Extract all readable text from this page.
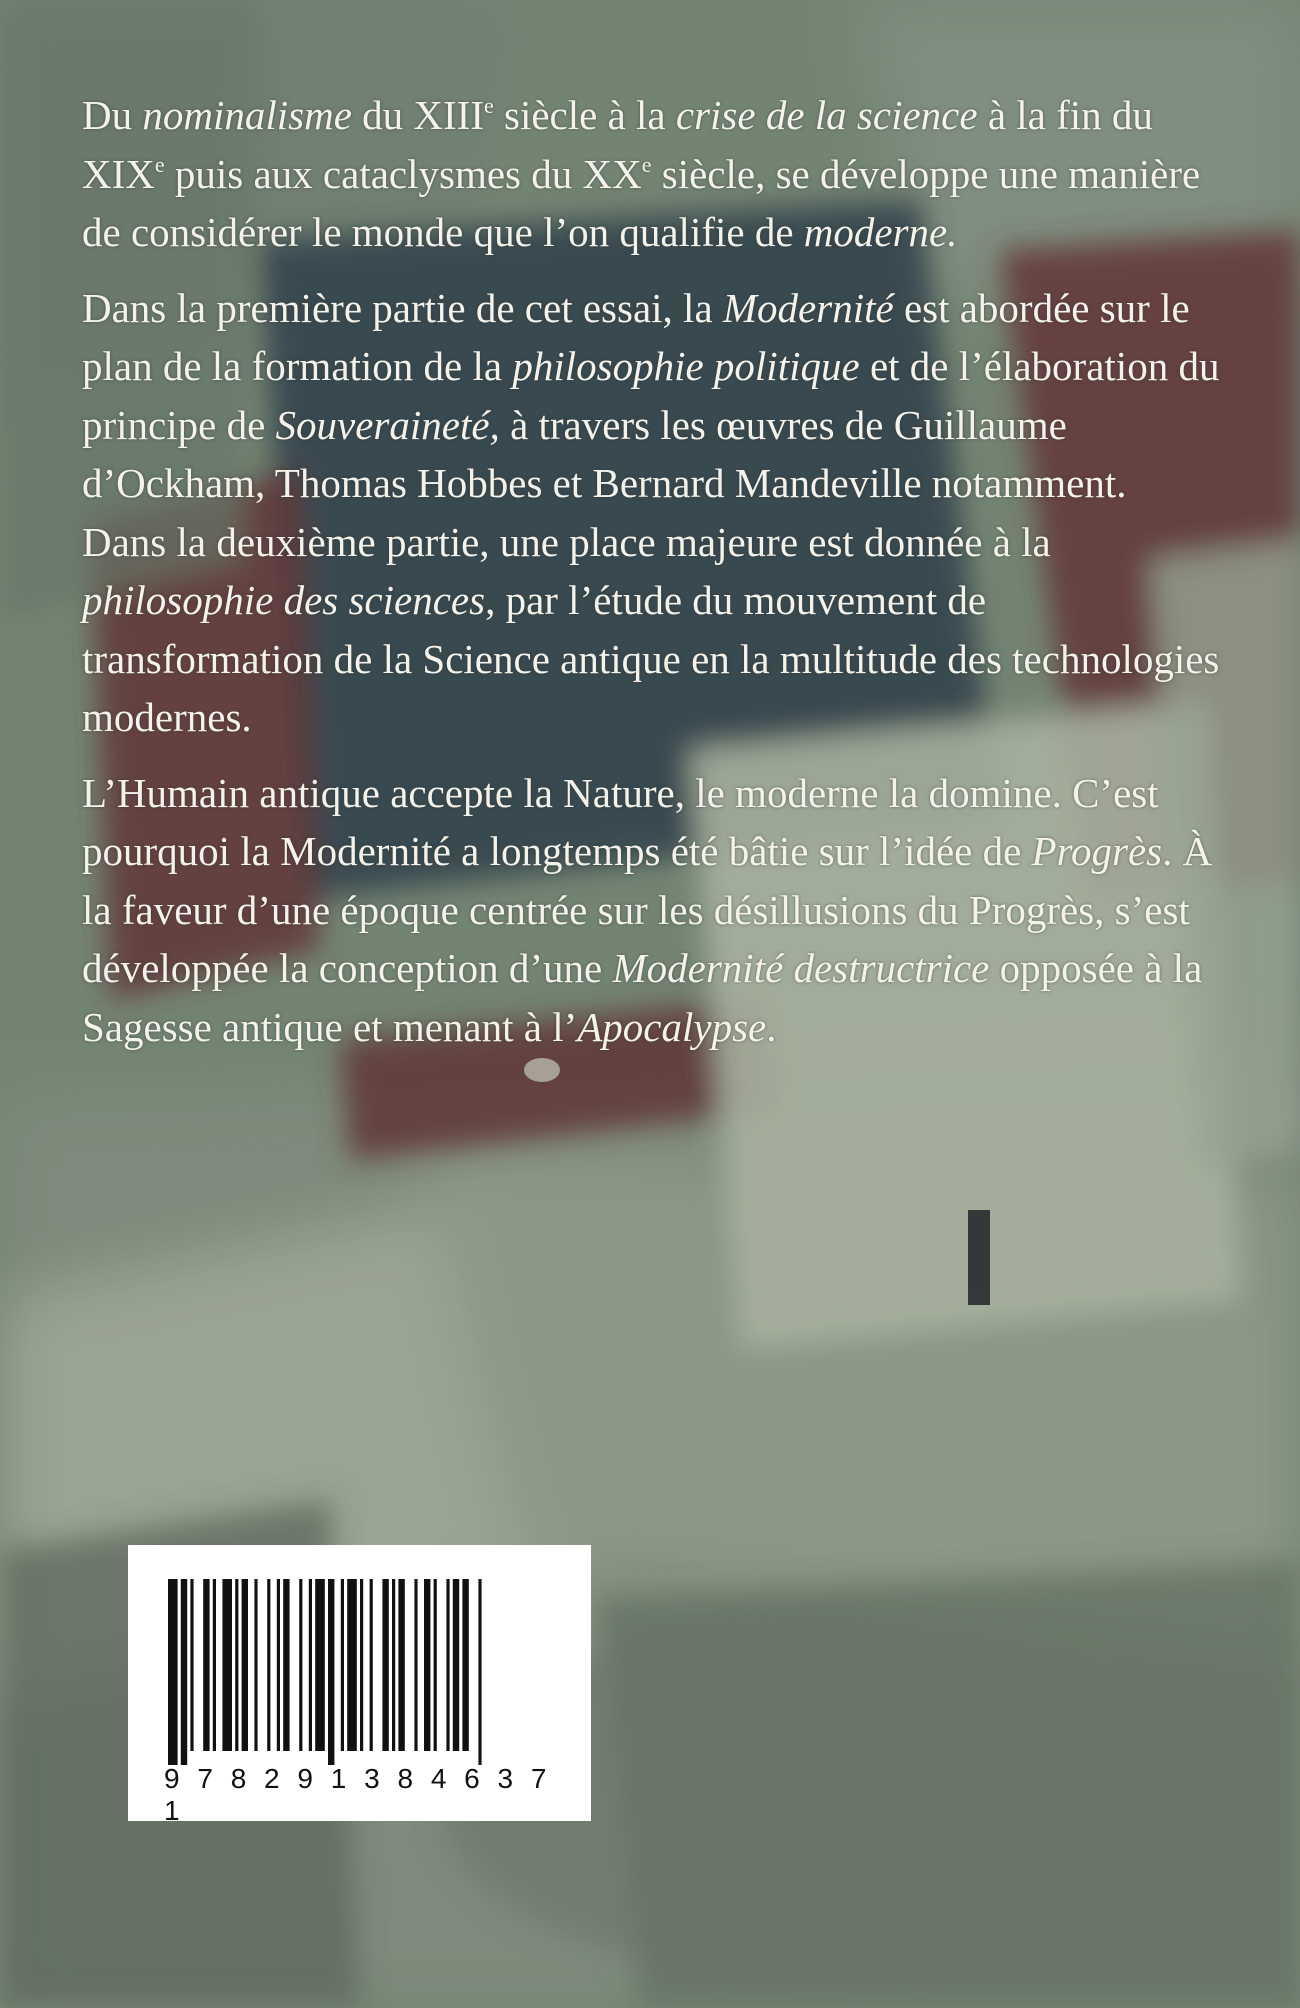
Du nominalisme du XIIIe siècle à la crise de la science à la fin du XIXe puis aux cataclysmes du XXe siècle, se développe une manière de considérer le monde que l’on qualifie de moderne.

Dans la première partie de cet essai, la Modernité est abordée sur le plan de la formation de la philosophie politique et de l’élaboration du principe de Souveraineté, à travers les œuvres de Guillaume d’Ockham, Thomas Hobbes et Bernard Mandeville notamment.

Dans la deuxième partie, une place majeure est donnée à la philosophie des sciences, par l’étude du mouvement de transformation de la Science antique en la multitude des technologies modernes.

L’Humain antique accepte la Nature, le moderne la domine. C’est pourquoi la Modernité a longtemps été bâtie sur l’idée de Progrès. À la faveur d’une époque centrée sur les désillusions du Progrès, s’est développée la conception d’une Modernité destructrice opposée à la Sagesse antique et menant à l’Apocalypse.

9 7 8 2 9 1 3 8 4 6 3 7 1
